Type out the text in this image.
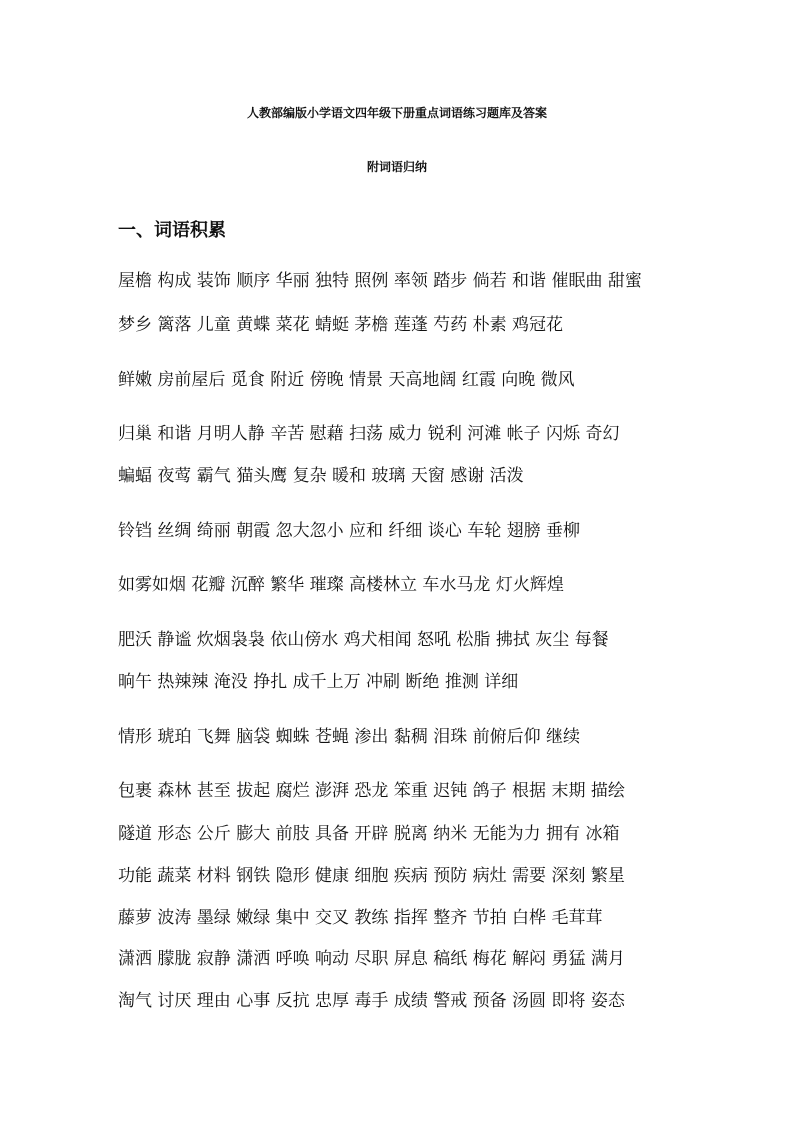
人教部编版小学语文四年级下册重点词语练习题库及答案
附词语归纳
一、词语积累
屋檐 构成 装饰 顺序 华丽 独特 照例 率领 踏步 倘若 和谐 催眠曲 甜蜜
梦乡 篱落 儿童 黄蝶 菜花 蜻蜓 茅檐 莲蓬 芍药 朴素 鸡冠花
鲜嫩 房前屋后 觅食 附近 傍晚 情景 天高地阔 红霞 向晚 微风
归巢 和谐 月明人静 辛苦 慰藉 扫荡 威力 锐利 河滩 帐子 闪烁 奇幻
蝙蝠 夜莺 霸气 猫头鹰 复杂 暖和 玻璃 天窗 感谢 活泼
铃铛 丝绸 绮丽 朝霞 忽大忽小 应和 纤细 谈心 车轮 翅膀 垂柳
如雾如烟 花瓣 沉醉 繁华 璀璨 高楼林立 车水马龙 灯火辉煌
肥沃 静谧 炊烟袅袅 依山傍水 鸡犬相闻 怒吼 松脂 拂拭 灰尘 每餐
晌午 热辣辣 淹没 挣扎 成千上万 冲刷 断绝 推测 详细
情形 琥珀 飞舞 脑袋 蜘蛛 苍蝇 渗出 黏稠 泪珠 前俯后仰 继续
包裹 森林 甚至 拔起 腐烂 澎湃 恐龙 笨重 迟钝 鸽子 根据 末期 描绘
隧道 形态 公斤 膨大 前肢 具备 开辟 脱离 纳米 无能为力 拥有 冰箱
功能 蔬菜 材料 钢铁 隐形 健康 细胞 疾病 预防 病灶 需要 深刻 繁星
藤萝 波涛 墨绿 嫩绿 集中 交叉 教练 指挥 整齐 节拍 白桦 毛茸茸
潇洒 朦胧 寂静 潇洒 呼唤 响动 尽职 屏息 稿纸 梅花 解闷 勇猛 满月
淘气 讨厌 理由 心事 反抗 忠厚 毒手 成绩 警戒 预备 汤圆 即将 姿态
